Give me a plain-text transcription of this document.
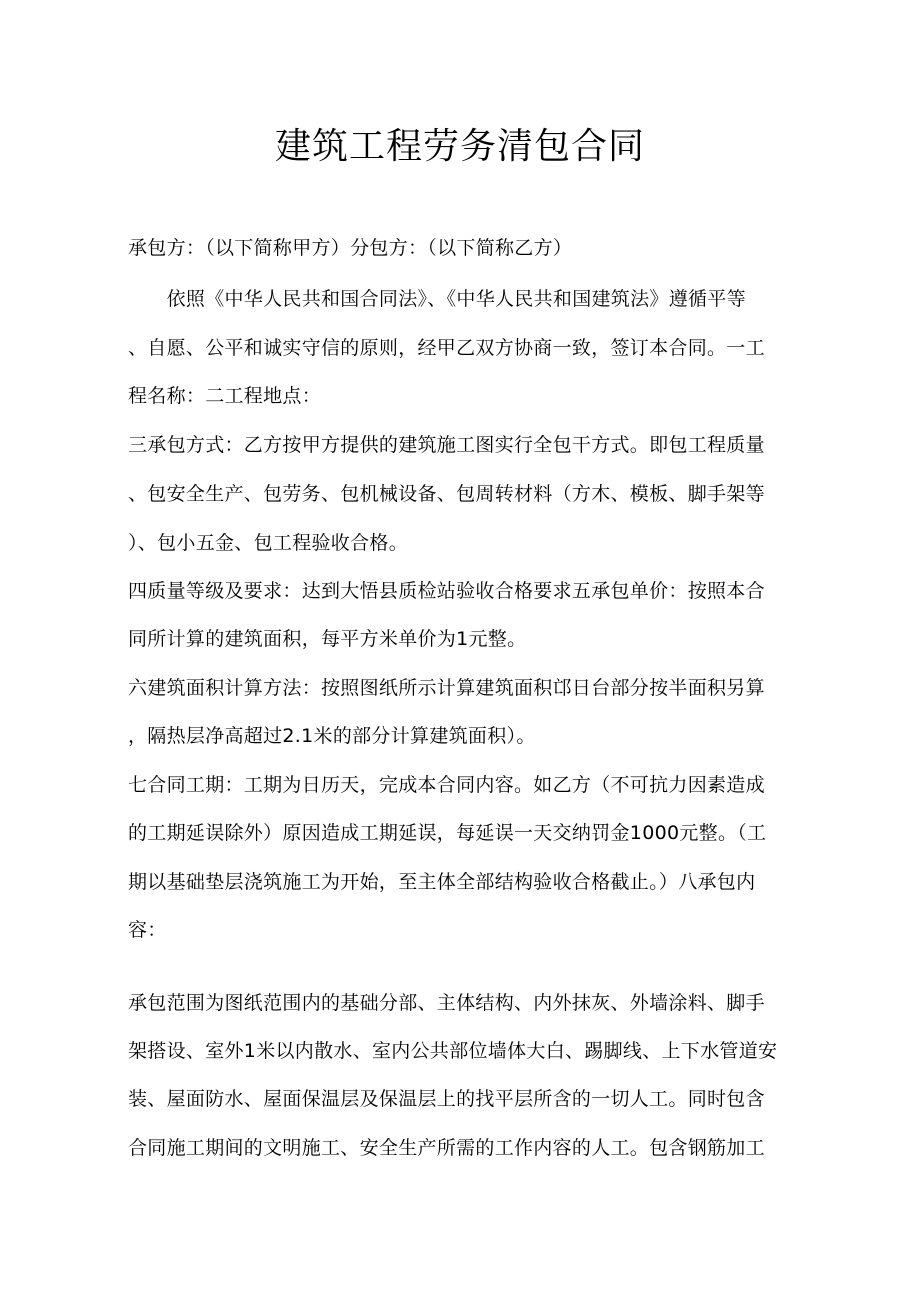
建筑工程劳务清包合同
承包方：（以下简称甲方）分包方：（以下简称乙方）
　　依照《中华人民共和国合同法》、《中华人民共和国建筑法》遵循平等
、自愿、公平和诚实守信的原则，经甲乙双方协商一致，签订本合同。一工
程名称：二工程地点：
三承包方式：乙方按甲方提供的建筑施工图实行全包干方式。即包工程质量
、包安全生产、包劳务、包机械设备、包周转材料（方木、模板、脚手架等
）、包小五金、包工程验收合格。
四质量等级及要求：达到大悟县质检站验收合格要求五承包单价：按照本合
同所计算的建筑面积，每平方米单价为1元整。
六建筑面积计算方法：按照图纸所示计算建筑面积邙日台部分按半面积另算
，隔热层净高超过2.1米的部分计算建筑面积）。
七合同工期：工期为日历天，完成本合同内容。如乙方（不可抗力因素造成
的工期延误除外）原因造成工期延误，每延误一天交纳罚金1000元整。（工
期以基础垫层浇筑施工为开始，至主体全部结构验收合格截止。）八承包内
容：
承包范围为图纸范围内的基础分部、主体结构、内外抹灰、外墙涂料、脚手
架搭设、室外1米以内散水、室内公共部位墙体大白、踢脚线、上下水管道安
装、屋面防水、屋面保温层及保温层上的找平层所含的一切人工。同时包含
合同施工期间的文明施工、安全生产所需的工作内容的人工。包含钢筋加工
